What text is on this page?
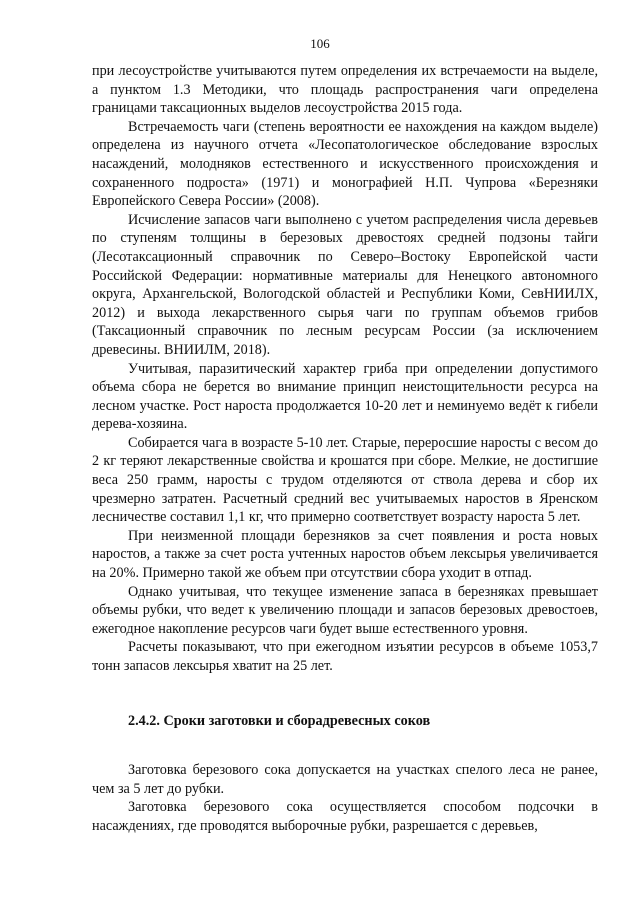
106

при лесоустройстве учитываются путем определения их встречаемости на выделе, а пунктом 1.3 Методики, что площадь распространения чаги определена границами таксационных выделов лесоустройства 2015 года.

Встречаемость чаги (степень вероятности ее нахождения на каждом выделе) определена из научного отчета «Лесопатологическое обследование взрослых насаждений, молодняков естественного и искусственного происхождения и сохраненного подроста» (1971) и монографией Н.П. Чупрова «Березняки Европейского Севера России» (2008).

Исчисление запасов чаги выполнено с учетом распределения числа деревьев по ступеням толщины в березовых древостоях средней подзоны тайги (Лесотаксационный справочник по Северо–Востоку Европейской части Российской Федерации: нормативные материалы для Ненецкого автономного округа, Архангельской, Вологодской областей и Республики Коми, СевНИИЛХ, 2012) и выхода лекарственного сырья чаги по группам объемов грибов (Таксационный справочник по лесным ресурсам России (за исключением древесины. ВНИИЛМ, 2018).

Учитывая, паразитический характер гриба при определении допустимого объема сбора не берется во внимание принцип неистощительности ресурса на лесном участке. Рост нароста продолжается 10-20 лет и неминуемо ведёт к гибели дерева-хозяина.

Собирается чага в возрасте 5-10 лет. Старые, переросшие наросты с весом до 2 кг теряют лекарственные свойства и крошатся при сборе. Мелкие, не достигшие веса 250 грамм, наросты с трудом отделяются от ствола дерева и сбор их чрезмерно затратен. Расчетный средний вес учитываемых наростов в Яренском лесничестве составил 1,1 кг, что примерно соответствует возрасту нароста 5 лет.

При неизменной площади березняков за счет появления и роста новых наростов, а также за счет роста учтенных наростов объем лексырья увеличивается на 20%. Примерно такой же объем при отсутствии сбора уходит в отпад.

Однако учитывая, что текущее изменение запаса в березняках превышает объемы рубки, что ведет к увеличению площади и запасов березовых древостоев, ежегодное накопление ресурсов чаги будет выше естественного уровня.

Расчеты показывают, что при ежегодном изъятии ресурсов в объеме 1053,7 тонн запасов лексырья хватит на 25 лет.

2.4.2. Сроки заготовки и сборадревесных соков

Заготовка березового сока допускается на участках спелого леса не ранее, чем за 5 лет до рубки.

Заготовка березового сока осуществляется способом подсочки в насаждениях, где проводятся выборочные рубки, разрешается с деревьев,
